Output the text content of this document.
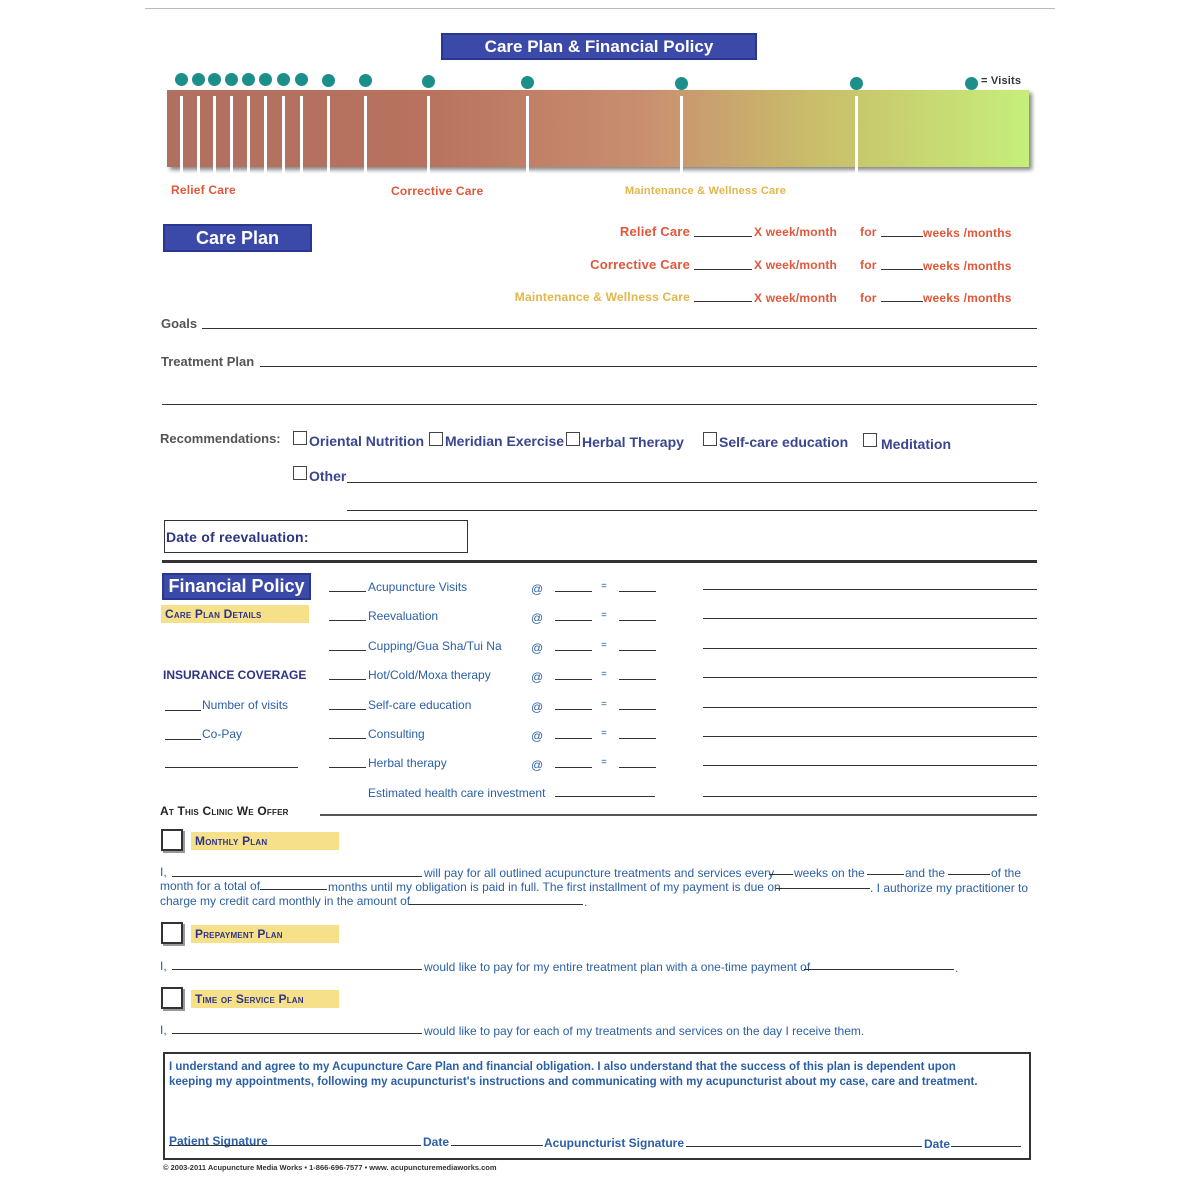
Care Plan & Financial Policy
= Visits
Relief Care	Corrective Care	Maintenance & Wellness Care
Care Plan	Relief Care	X week/month for	weeks /months
Corrective Care	X week/month for	weeks /months
Maintenance & Wellness Care	X week/month for	weeks /months
Goals
Treatment Plan
Recommendations: Oriental Nutrition Meridian Exercise Herbal Therapy	Self-care education Meditation
Other
Date of reevaluation:
Financial Policy
Care Plan Details
INSURANCE COVERAGE
Number of visits
Co-Pay
Acupuncture Visits	@	=
Reevaluation	@	=
Cupping/Gua Sha/Tui Na @	=
Hot/Cold/Moxa therapy	@	=
Self-care education	@	=
Consulting	@	=
Herbal therapy	@	=
Estimated health care investment
At This Clinic We Offer
Monthly Plan
I,	will pay for all outlined acupuncture treatments and services every weeks on the	and the	of the
month for a total of	months until my obligation is paid in full. The first installment of my payment is due on	. I authorize my practitioner to
charge my credit card monthly in the amount of	.
Prepayment Plan
I,	would like to pay for my entire treatment plan with a one-time payment of	.
Time of Service Plan
I,	would like to pay for each of my treatments and services on the day I receive them.
I understand and agree to my Acupuncture Care Plan and financial obligation. I also understand that the success of this plan is dependent upon
keeping my appointments, following my acupuncturist's instructions and communicating with my acupuncturist about my case, care and treatment.
Patient Signature	Date	Acupuncturist Signature	Date
© 2003-2011 Acupuncture Media Works • 1-866-696-7577 • www. acupuncturemediaworks.com
